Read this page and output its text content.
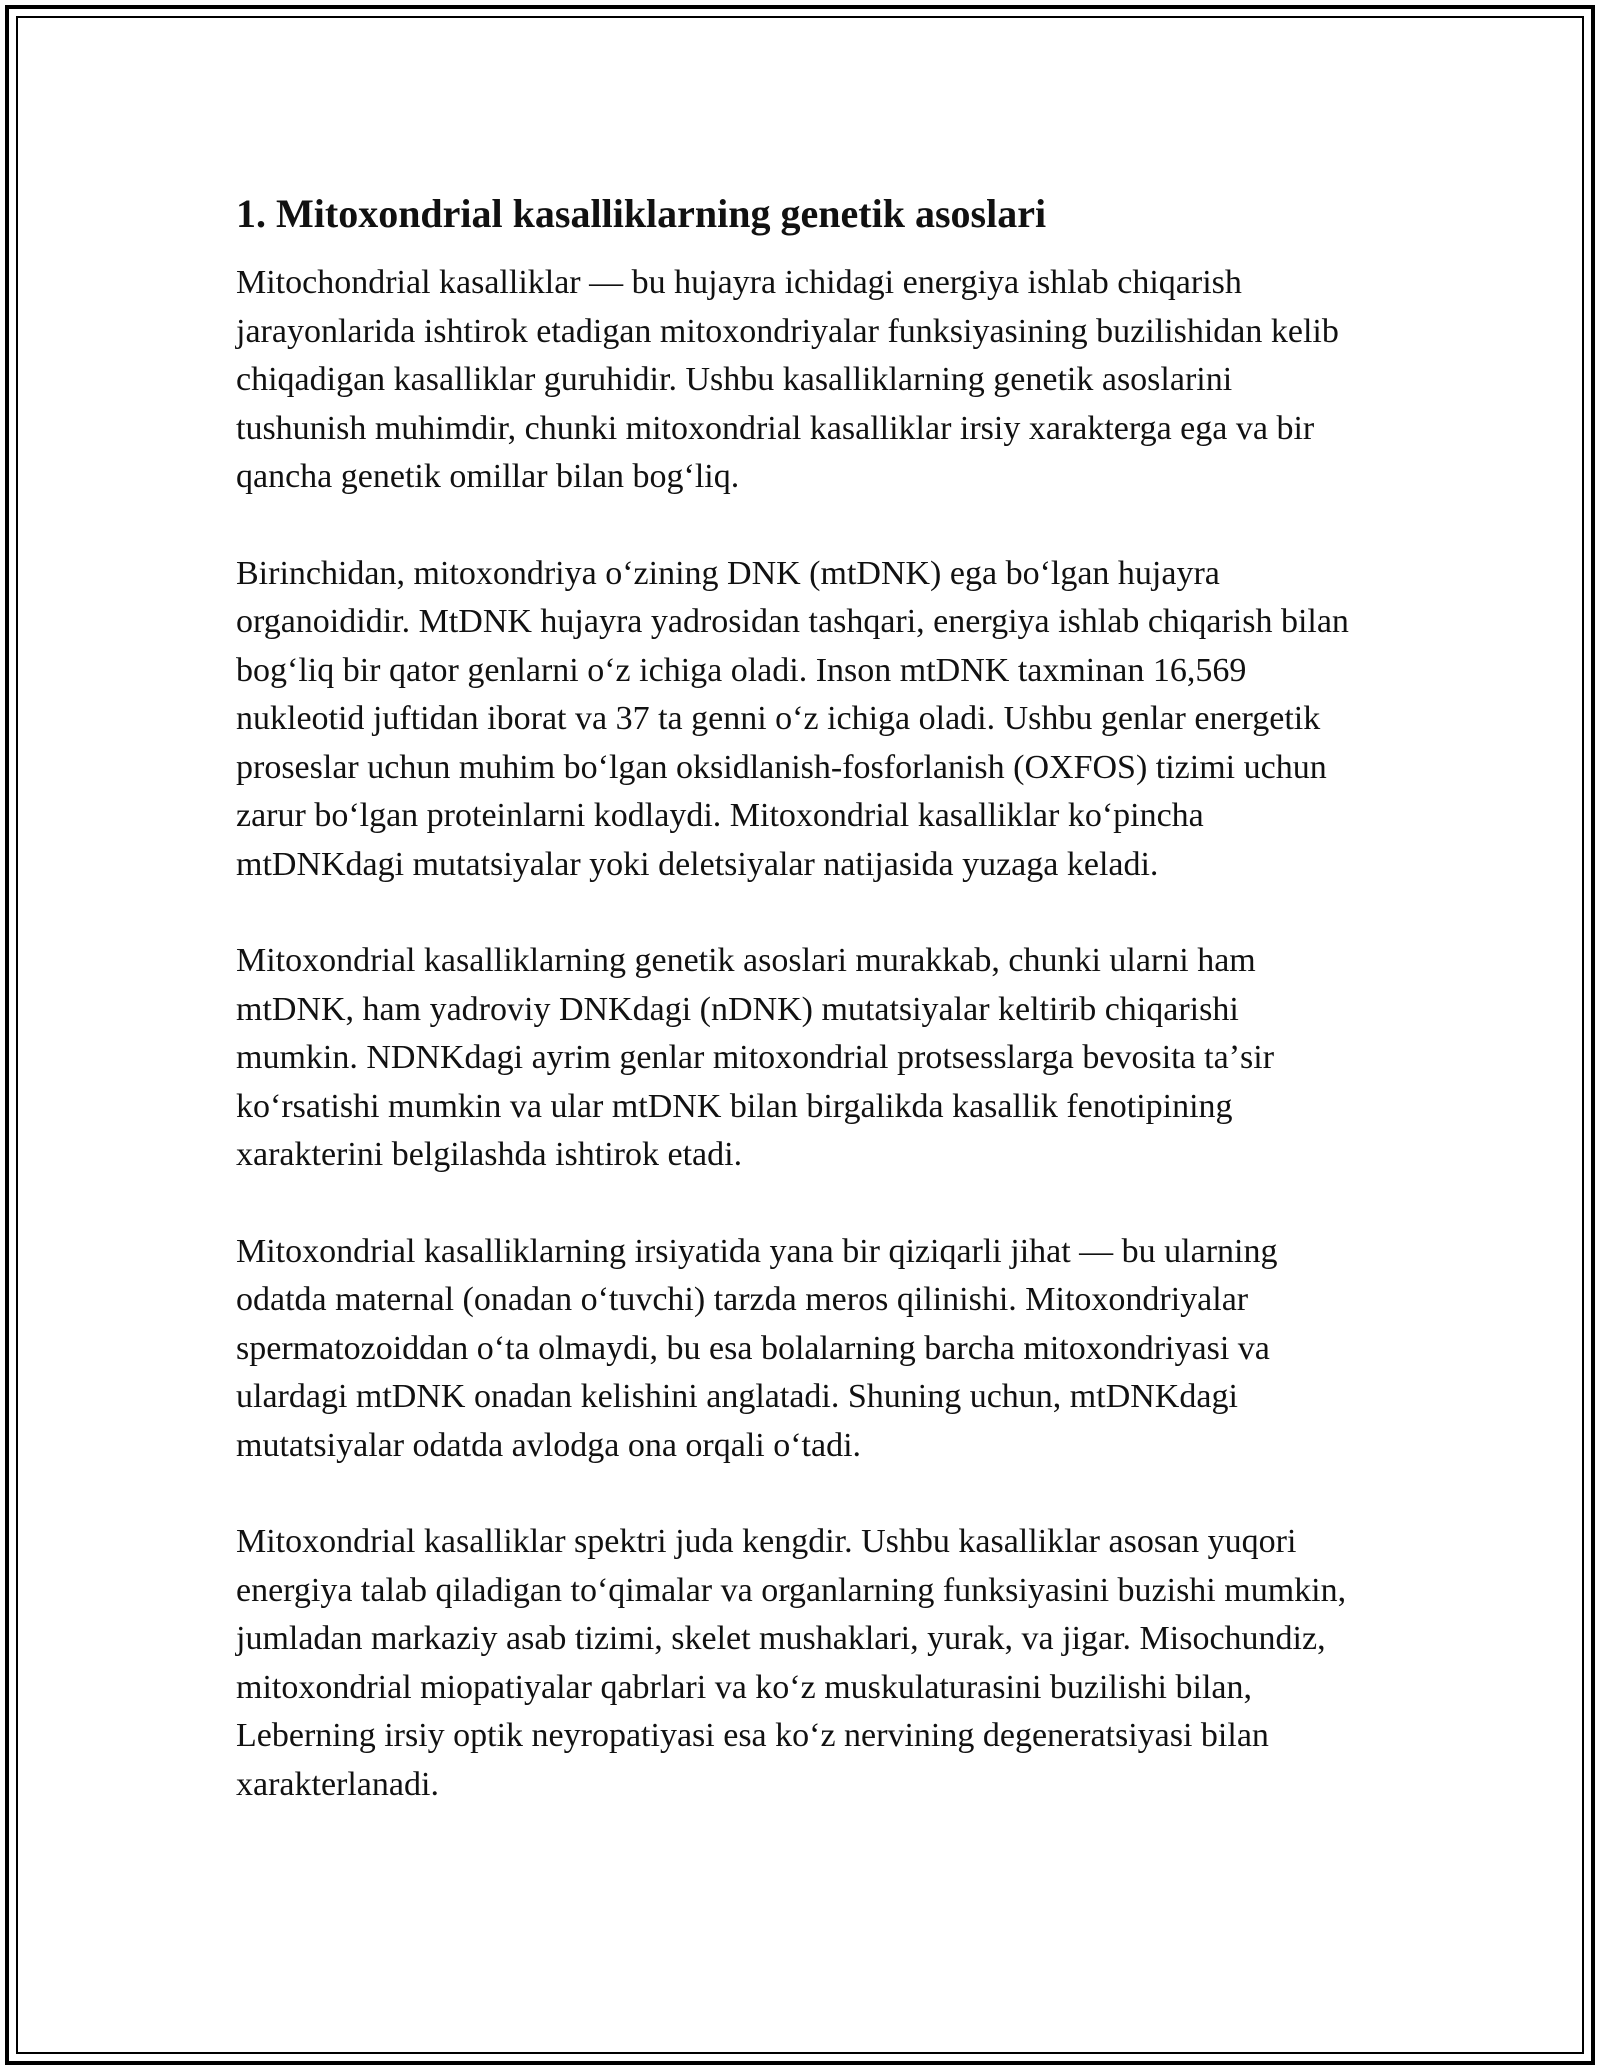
1. Mitoxondrial kasalliklarning genetik asoslari

Mitochondrial kasalliklar — bu hujayra ichidagi energiya ishlab chiqarish jarayonlarida ishtirok etadigan mitoxondriyalar funksiyasining buzilishidan kelib chiqadigan kasalliklar guruhidir. Ushbu kasalliklarning genetik asoslarini tushunish muhimdir, chunki mitoxondrial kasalliklar irsiy xarakterga ega va bir qancha genetik omillar bilan bogʻliq.

Birinchidan, mitoxondriya oʻzining DNK (mtDNK) ega boʻlgan hujayra organoididir. MtDNK hujayra yadrosidan tashqari, energiya ishlab chiqarish bilan bogʻliq bir qator genlarni oʻz ichiga oladi. Inson mtDNK taxminan 16,569 nukleotid juftidan iborat va 37 ta genni oʻz ichiga oladi. Ushbu genlar energetik proseslar uchun muhim boʻlgan oksidlanish-fosforlanish (OXFOS) tizimi uchun zarur boʻlgan proteinlarni kodlaydi. Mitoxondrial kasalliklar koʻpincha mtDNKdagi mutatsiyalar yoki deletsiyalar natijasida yuzaga keladi.

Mitoxondrial kasalliklarning genetik asoslari murakkab, chunki ularni ham mtDNK, ham yadroviy DNKdagi (nDNK) mutatsiyalar keltirib chiqarishi mumkin. NDNKdagi ayrim genlar mitoxondrial protsesslarga bevosita taʼsir koʻrsatishi mumkin va ular mtDNK bilan birgalikda kasallik fenotipining xarakterini belgilashda ishtirok etadi.

Mitoxondrial kasalliklarning irsiyatida yana bir qiziqarli jihat — bu ularning odatda maternal (onadan oʻtuvchi) tarzda meros qilinishi. Mitoxondriyalar spermatozoiddan oʻta olmaydi, bu esa bolalarning barcha mitoxondriyasi va ulardagi mtDNK onadan kelishini anglatadi. Shuning uchun, mtDNKdagi mutatsiyalar odatda avlodga ona orqali oʻtadi.

Mitoxondrial kasalliklar spektri juda kengdir. Ushbu kasalliklar asosan yuqori energiya talab qiladigan toʻqimalar va organlarning funksiyasini buzishi mumkin, jumladan markaziy asab tizimi, skelet mushaklari, yurak, va jigar. Misochundiz, mitoxondrial miopatiyalar qabrlari va koʻz muskulaturasini buzilishi bilan, Leberning irsiy optik neyropatiyasi esa koʻz nervining degeneratsiyasi bilan xarakterlanadi.
